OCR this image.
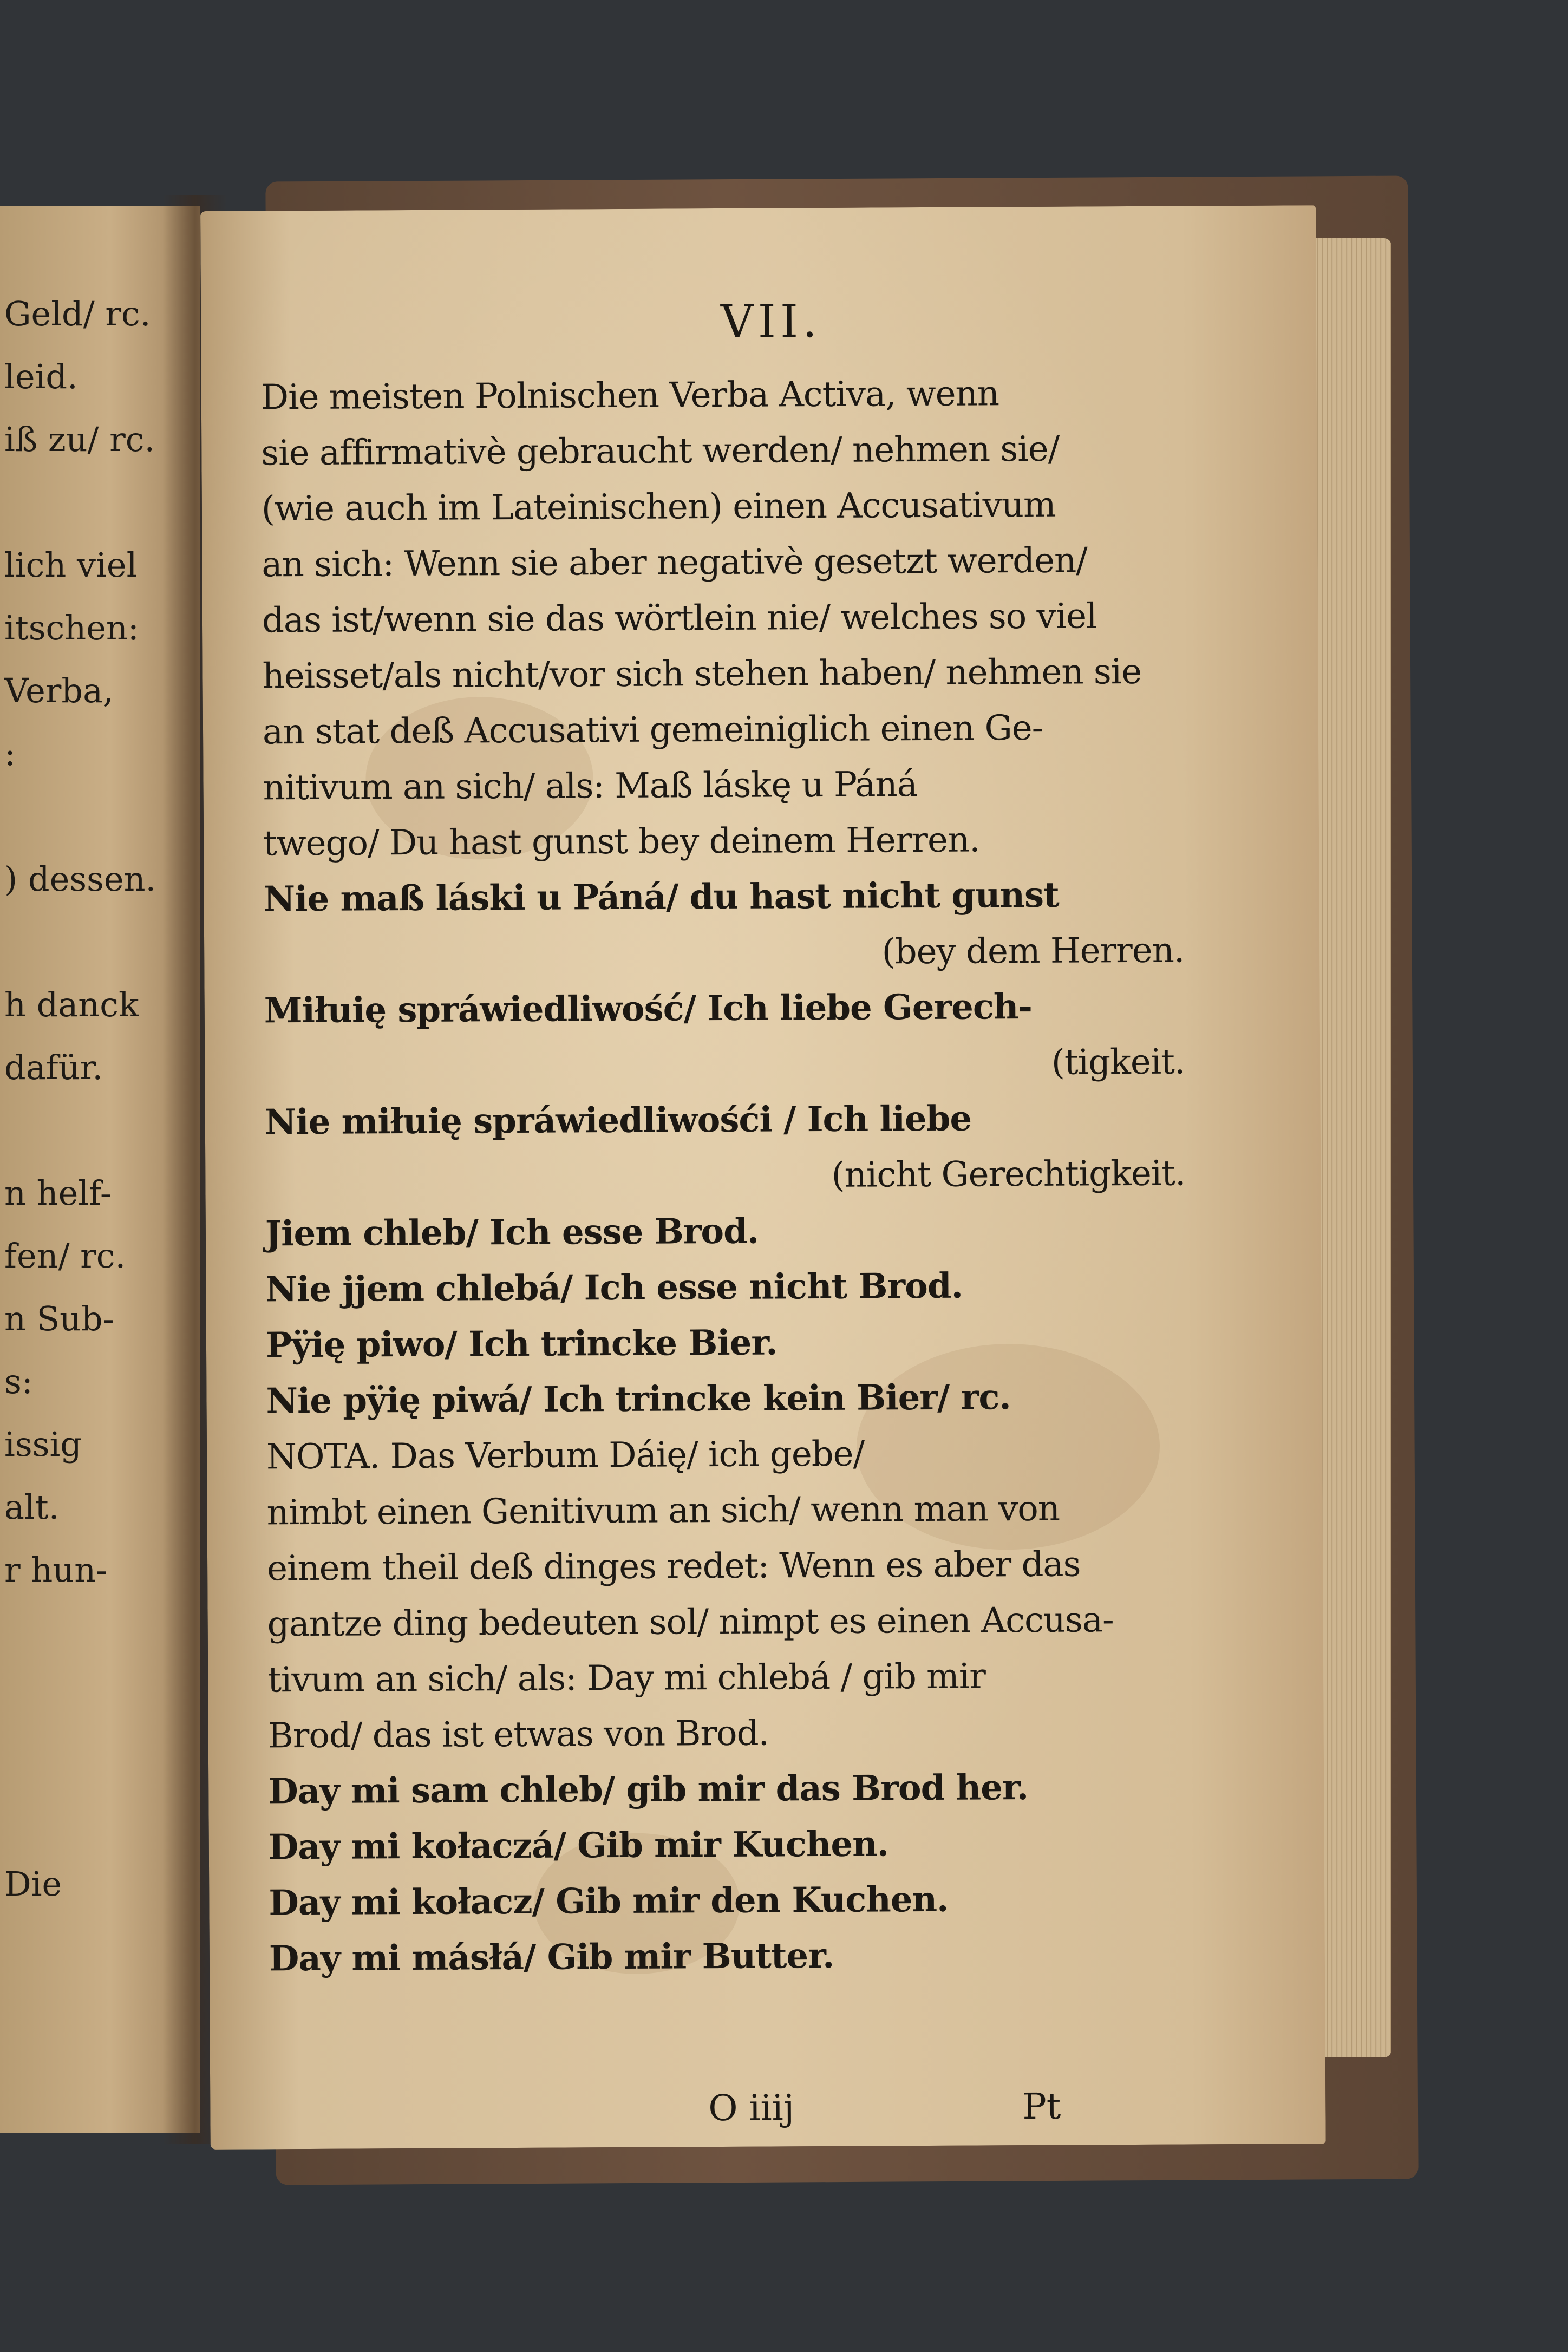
Geld/ rc.
leid.
iß zu/ rc.
lich viel
itschen:
Verba,
:
) dessen.
h danck
dafür.
n helf-
fen/ rc.
n Sub-
s:
issig
alt.
r hun-
Die
VII.
Die meisten Polnischen Verba Activa, wenn
sie affirmativè gebraucht werden/ nehmen sie/
(wie auch im Lateinischen) einen Accusativum
an sich: Wenn sie aber negativè gesetzt werden/
das ist/wenn sie das wörtlein nie/ welches so viel
heisset/als nicht/vor sich stehen haben/ nehmen sie
an stat deß Accusativi gemeiniglich einen Ge-
nitivum an sich/ als: Maß láskę u Páná
twego/ Du hast gunst bey deinem Herren.
Nie maß láski u Páná/ du hast nicht gunst
(bey dem Herren.
Miłuię spráwiedliwość/ Ich liebe Gerech-
(tigkeit.
Nie miłuię spráwiedliwośći / Ich liebe
(nicht Gerechtigkeit.
Jiem chleb/ Ich esse Brod.
Nie jjem chlebá/ Ich esse nicht Brod.
Pÿię piwo/ Ich trincke Bier.
Nie pÿię piwá/ Ich trincke kein Bier/ rc.
NOTA. Das Verbum Dáię/ ich gebe/
nimbt einen Genitivum an sich/ wenn man von
einem theil deß dinges redet: Wenn es aber das
gantze ding bedeuten sol/ nimpt es einen Accusa-
tivum an sich/ als: Day mi chlebá / gib mir
Brod/ das ist etwas von Brod.
Day mi sam chleb/ gib mir das Brod her.
Day mi kołaczá/ Gib mir Kuchen.
Day mi kołacz/ Gib mir den Kuchen.
Day mi másłá/ Gib mir Butter.
O iiij	Pt
